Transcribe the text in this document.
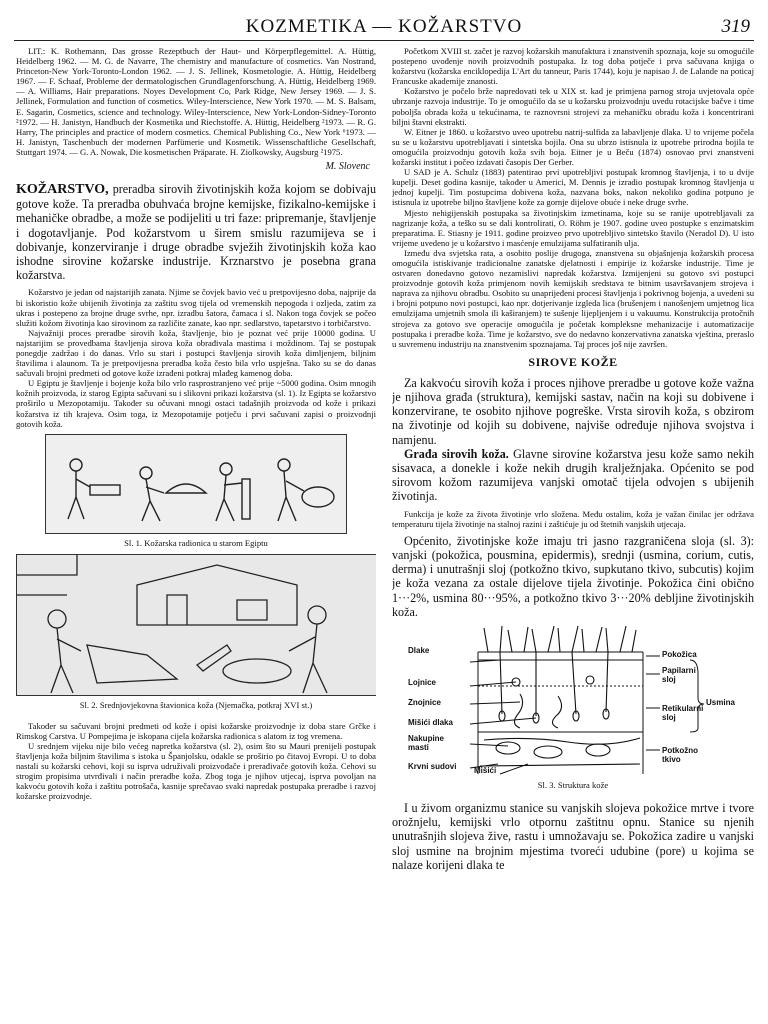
KOZMETIKA — KOŽARSTVO	319

LIT.: K. Rothemann, Das grosse Rezeptbuch der Haut- und Körperpflegemittel. A. Hüttig, Heidelberg 1962. — M. G. de Navarre, The chemistry and manufacture of cosmetics. Van Nostrand, Princeton-New York-Toronto-London 1962. — J. S. Jellinek, Kosmetologie. A. Hüttig, Heidelberg 1967. — F. Schaaf, Probleme der dermatologischen Grundlagenforschung. A. Hüttig, Heidelberg 1969. — A. Williams, Hair preparations. Noyes Development Co, Park Ridge, New Jersey 1969. — J. S. Jellinek, Formulation and function of cosmetics. Wiley-Interscience, New York 1970. — M. S. Balsam, E. Sagarin, Cosmetics, science and technology. Wiley-Interscience, New York-London-Sidney-Toronto ²1972. — H. Janistyn, Handbuch der Kosmetika und Riechstoffe. A. Hüttig, Heidelberg ²1973. — R. G. Harry, The principles and practice of modern cosmetics. Chemical Publishing Co., New York ⁶1973. — H. Janistyn, Taschenbuch der modernen Parfümerie und Kosmetik. Wissenschaftliche Gesellschaft, Stuttgart 1974. — G. A. Nowak, Die kosmetischen Präparate. H. Ziolkowsky, Augsburg ²1975.

M. Slovenc

KOŽARSTVO, preradba sirovih životinjskih koža kojom se dobivaju gotove kože. Ta preradba obuhvaća brojne kemijske, fizikalno-kemijske i mehaničke obradbe, a može se podijeliti u tri faze: pripremanje, štavljenje i dogotavljanje. Pod kožarstvom u širem smislu razumijeva se i dobivanje, konzerviranje i druge obradbe svježih životinjskih koža kao ishodne sirovine kožarske industrije. Krznarstvo je posebna grana kožarstva.

Kožarstvo je jedan od najstarijih zanata. Njime se čovjek bavio već u pretpovijesno doba, najprije da bi iskoristio kože ubijenih životinja za zaštitu svog tijela od vremenskih nepogoda i ozljeda, zatim za ukras i postepeno za brojne druge svrhe, npr. izradbu šatora, čamaca i sl. Nakon toga čovjek se počeo služiti kožom životinja kao sirovinom za različite zanate, kao npr. sedlarstvo, tapetarstvo i torbičarstvo.

Najvažniji proces preradbe sirovih koža, štavljenje, bio je poznat već prije 10000 godina. U najstarijim se provedbama štavljenja sirova koža obrađivala mastima i moždinom. Taj se postupak ponegdje zadržao i do danas. Vrlo su stari i postupci štavljenja sirovih koža dimljenjem, biljnim štavilima i alaunom. Ta je pretpovijesna preradba koža često bila vrlo uspješna. Tako su se do danas sačuvali brojni predmeti od gotove kože izrađeni potkraj mlađeg kamenog doba.

U Egiptu je štavljenje i bojenje koža bilo vrlo rasprostranjeno već prije ~5000 godina. Osim mnogih kožnih proizvoda, iz starog Egipta sačuvani su i slikovni prikazi kožarstva (sl. 1). Iz Egipta se kožarstvo proširilo u Mezopotamiju. Također su očuvani mnogi ostaci tadašnjih proizvoda od kože i prikazi kožarstva iz tih krajeva. Osim toga, iz Mezopotamije potječu i prvi sačuvani zapisi o proizvodnji gotovih koža.

Sl. 1. Kožarska radionica u starom Egiptu
Sl. 2. Srednjovjekovna štavionica koža (Njemačka, potkraj XVI st.)

Također su sačuvani brojni predmeti od kože i opisi kožarske proizvodnje iz doba stare Grčke i Rimskog Carstva. U Pompejima je iskopana cijela kožarska radionica s alatom iz tog vremena.

U srednjem vijeku nije bilo većeg napretka kožarstva (sl. 2), osim što su Mauri prenijeli postupak štavljenja koža biljnim štavilima s istoka u Španjolsku, odakle se proširio po čitavoj Evropi. U to doba nastali su kožarski cehovi, koji su isprva udruživali proizvođače i prerađivače gotovih koža. Cehovi su strogim propisima utvrđivali i način preradbe koža. Zbog toga je njihov utjecaj, isprva povoljan na kakvoću gotovih koža i zaštitu potrošača, kasnije sprečavao svaki napredak postupaka preradbe i razvoj kožarske proizvodnje.

Početkom XVIII st. začet je razvoj kožarskih manufaktura i znanstvenih spoznaja, koje su omogućile postepeno uvođenje novih proizvodnih postupaka. Iz tog doba potječe i prva sačuvana knjiga o kožarstvu (kožarska enciklopedija L'Art du tanneur, Paris 1744), koju je napisao J. de Lalande na poticaj Francuske akademije znanosti.

Kožarstvo je počelo brže napredovati tek u XIX st. kad je primjena parnog stroja uvjetovala opće ubrzanje razvoja industrije. To je omogućilo da se u kožarsku proizvodnju uvedu rotacijske bačve i time poboljša obrada koža u tekućinama, te raznovrsni strojevi za mehaničku obradu koža i koncentrirani biljni štavni ekstrakti.

W. Eitner je 1860. u kožarstvo uveo upotrebu natrij-sulfida za labavljenje dlaka. U to vrijeme počela su se u kožarstvu upotrebljavati i sintetska bojila. Ona su ubrzo istisnula iz upotrebe prirodna bojila te omogućila proizvodnju gotovih koža svih boja. Eitner je u Beču (1874) osnovao prvi znanstveni kožarski institut i počeo izdavati časopis Der Gerber.

U SAD je A. Schulz (1883) patentirao prvi upotrebljivi postupak kromnog štavljenja, i to u dvije kupelji. Deset godina kasnije, također u Americi, M. Dennis je izradio postupak kromnog štavljenja u jednoj kupelji. Tim postupcima dobivena koža, nazvana boks, nakon nekoliko godina potpuno je istisnula iz upotrebe biljno štavljene kože za gornje dijelove obuće i neke druge svrhe.

Mjesto nehigijenskih postupaka sa životinjskim izmetinama, koje su se ranije upotrebljavali za nagrizanje koža, a teško su se dali kontrolirati, O. Röhm je 1907. godine uveo postupke s enzimatskim preparatima. E. Stiasny je 1911. godine proizveo prvo upotrebljivo sintetsko štavilo (Neradol D). U isto vrijeme uvedeno je u kožarstvo i masćenje emulzijama sulfatiranih ulja.

Između dva svjetska rata, a osobito poslije drugoga, znanstvena su objašnjenja kožarskih procesa omogućila istiskivanje tradicionalne zanatske djelatnosti i empirije iz kožarske industrije. Time je ostvaren donedavno gotovo nezamislivi napredak kožarstva. Izmijenjeni su gotovo svi postupci proizvodnje gotovih koža primjenom novih kemijskih sredstava te bitnim usavršavanjem strojeva i naprava za njihovu obradbu. Osobito su unaprijeđeni procesi štavljenja i pokrivnog bojenja, a uvedeni su i brojni potpuno novi postupci, kao npr. dotjerivanje izgleda lica (brušenjem i nanošenjem umjetnog lica emulzijama umjetnih smola ili kaširanjem) te sušenje lijepljenjem i u vakuumu. Konstrukcija protočnih strojeva za gotovo sve operacije omogućila je početak kompleksne mehanizacije i automatizacije postupaka i preradbe koža. Time je kožarstvo, sve do nedavno konzervativna zanatska vještina, preraslo u suvremenu industriju na znanstvenim spoznajama. Taj proces još nije završen.

SIROVE KOŽE

Za kakvoću sirovih koža i proces njihove preradbe u gotove kože važna je njihova građa (struktura), kemijski sastav, način na koji su dobivene i konzervirane, te osobito njihove pogreške. Vrsta sirovih koža, s obzirom na životinje od kojih su dobivene, najviše određuje njihova svojstva i namjenu.

Građa sirovih koža. Glavne sirovine kožarstva jesu kože samo nekih sisavaca, a donekle i kože nekih drugih kralježnjaka. Općenito se pod sirovom kožom razumijeva vanjski omotač tijela odvojen s ubijenih životinja.

Funkcija je kože za života životinje vrlo složena. Među ostalim, koža je važan činilac jer održava temperaturu tijela životinje na stalnoj razini i zaštićuje ju od štetnih vanjskih utjecaja.

Općenito, životinjske kože imaju tri jasno razgraničena sloja (sl. 3): vanjski (pokožica, pousmina, epidermis), srednji (usmina, corium, cutis, derma) i unutrašnji sloj (potkožno tkivo, supkutano tkivo, subcutis) kojim je koža vezana za ostale dijelove tijela životinje. Pokožica čini obično 1···2%, usmina 80···95%, a potkožno tkivo 3···20% debljine životinjskih koža.

Dlake
Lojnice
Znojnice
Mišići dlaka
Nakupine masti
Krvni sudovi Mišići
Pokožica
Papilarni sloj
Usmina
Retikularni sloj
Potkožno tkivo
Sl. 3. Struktura kože

I u živom organizmu stanice su vanjskih slojeva pokožice mrtve i tvore orožnjelu, kemijski vrlo otpornu zaštitnu opnu. Stanice su njenih unutrašnjih slojeva žive, rastu i umnožavaju se. Pokožica zadire u vanjski sloj usmine na brojnim mjestima tvoreći udubine (pore) u kojima se nalaze korijeni dlaka te
